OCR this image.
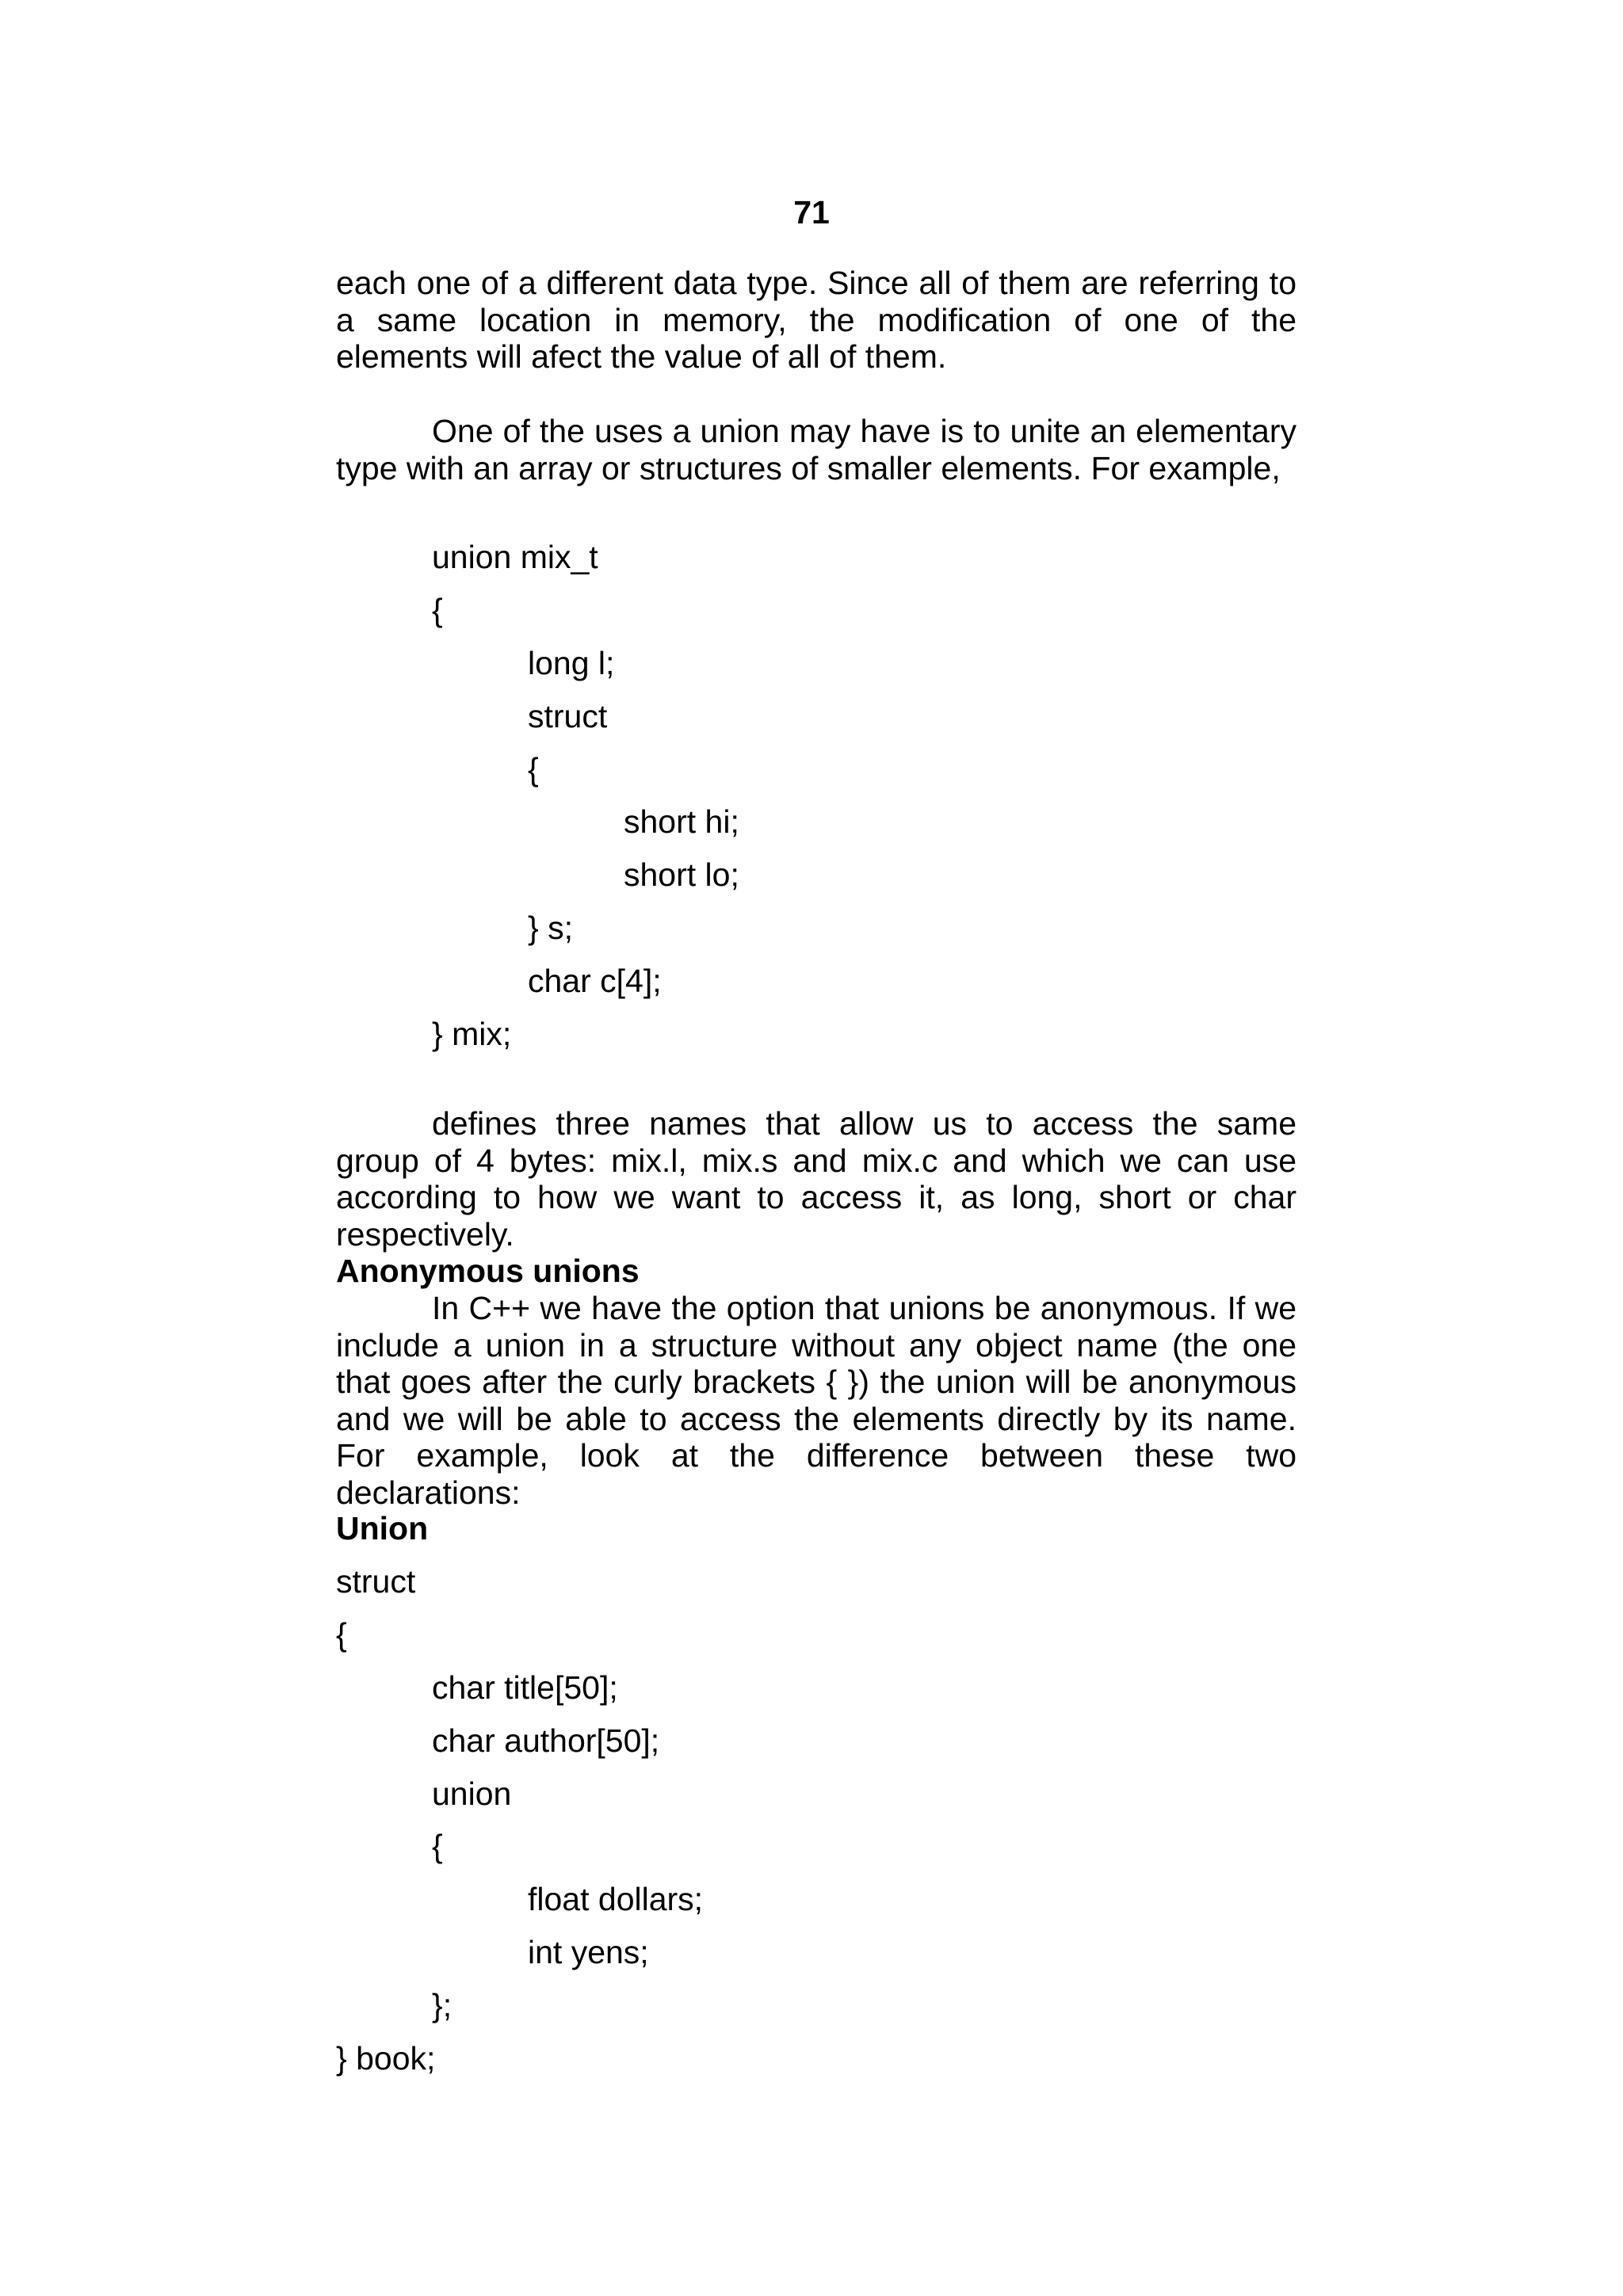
71

each one of a different data type. Since all of them are referring to a same location in memory, the modification of one of the elements will afect the value of all of them.

One of the uses a union may have is to unite an elementary type with an array or structures of smaller elements. For example,

union mix_t
{
long l;
struct
{
short hi;
short lo;
} s;
char c[4];
} mix;

defines three names that allow us to access the same group of 4 bytes: mix.l, mix.s and mix.c and which we can use according to how we want to access it, as long, short or char respectively.

Anonymous unions

In C++ we have the option that unions be anonymous. If we include a union in a structure without any object name (the one that goes after the curly brackets { }) the union will be anonymous and we will be able to access the elements directly by its name. For example, look at the difference between these two declarations:

Union
struct
{
char title[50];
char author[50];
union
{
float dollars;
int yens;
};
} book;
